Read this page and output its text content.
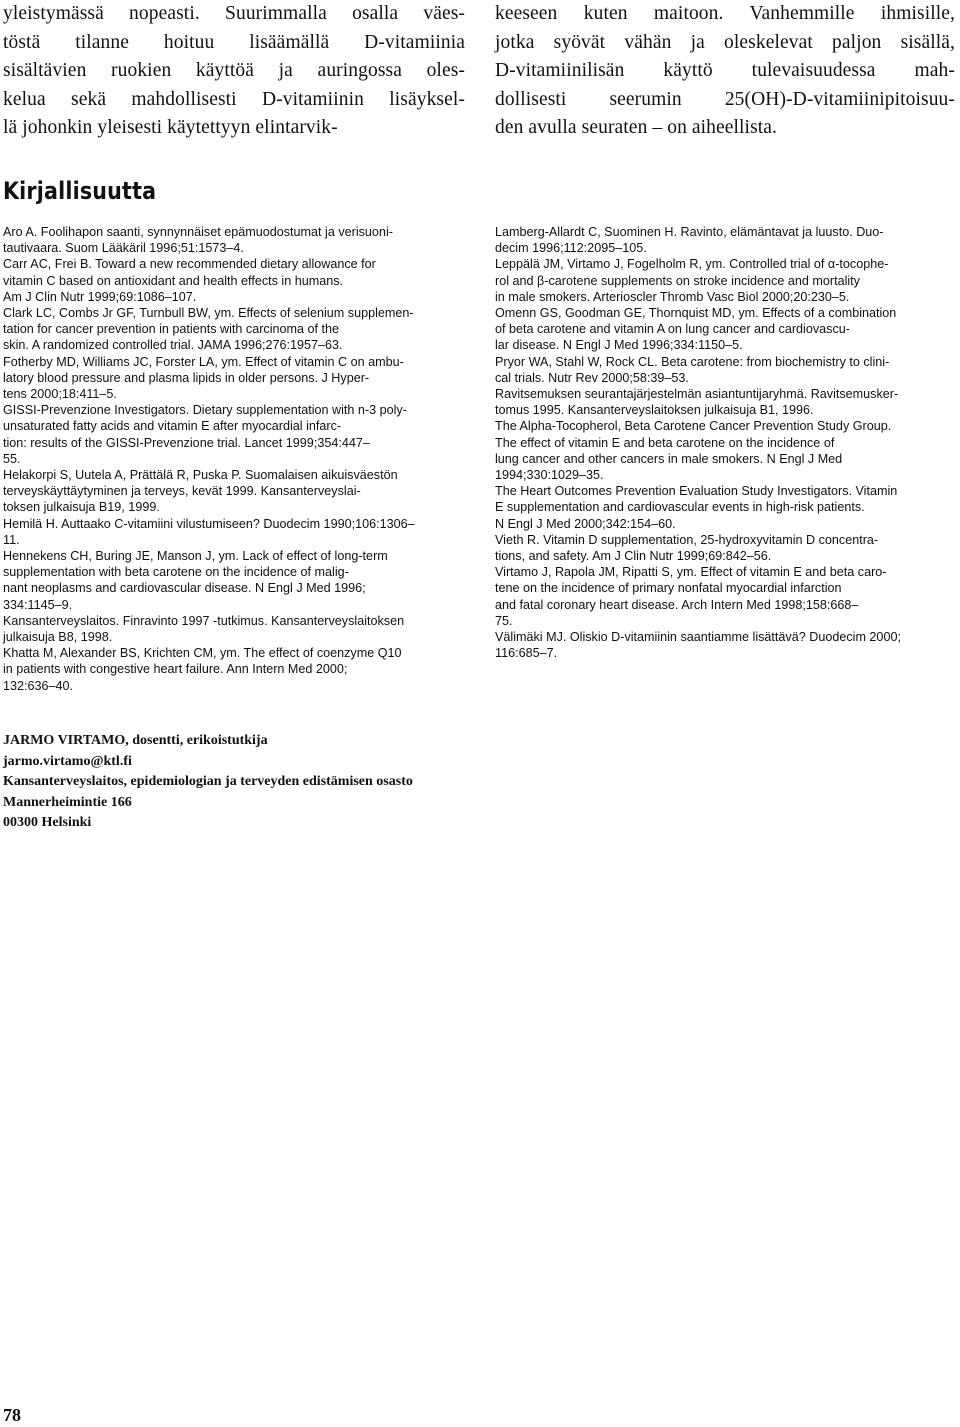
yleistymässä nopeasti. Suurimmalla osalla väes-
töstä tilanne hoituu lisäämällä D-vitamiinia
sisältävien ruokien käyttöä ja auringossa oles-
kelua sekä mahdollisesti D-vitamiinin lisäyksel-
lä johonkin yleisesti käytettyyn elintarvik-
keeseen kuten maitoon. Vanhemmille ihmisille,
jotka syövät vähän ja oleskelevat paljon sisällä,
D-vitamiinilisän käyttö tulevaisuudessa mah-
dollisesti seerumin 25(OH)-D-vitamiinipitoisuu-
den avulla seuraten – on aiheellista.
Kirjallisuutta
Aro A. Foolihapon saanti, synnynnäiset epämuodostumat ja verisuoni-
tautivaara. Suom Lääkäril 1996;51:1573–4.
Carr AC, Frei B. Toward a new recommended dietary allowance for
vitamin C based on antioxidant and health effects in humans.
Am J Clin Nutr 1999;69:1086–107.
Clark LC, Combs Jr GF, Turnbull BW, ym. Effects of selenium supplemen-
tation for cancer prevention in patients with carcinoma of the
skin. A randomized controlled trial. JAMA 1996;276:1957–63.
Fotherby MD, Williams JC, Forster LA, ym. Effect of vitamin C on ambu-
latory blood pressure and plasma lipids in older persons. J Hyper-
tens 2000;18:411–5.
GISSI-Prevenzione Investigators. Dietary supplementation with n-3 poly-
unsaturated fatty acids and vitamin E after myocardial infarc-
tion: results of the GISSI-Prevenzione trial. Lancet 1999;354:447–
55.
Helakorpi S, Uutela A, Prättälä R, Puska P. Suomalaisen aikuisväestön
terveyskäyttäytyminen ja terveys, kevät 1999. Kansanterveyslai-
toksen julkaisuja B19, 1999.
Hemilä H. Auttaako C-vitamiini vilustumiseen? Duodecim 1990;106:1306–
11.
Hennekens CH, Buring JE, Manson J, ym. Lack of effect of long-term
supplementation with beta carotene on the incidence of malig-
nant neoplasms and cardiovascular disease. N Engl J Med 1996;
334:1145–9.
Kansanterveyslaitos. Finravinto 1997 -tutkimus. Kansanterveyslaitoksen
julkaisuja B8, 1998.
Khatta M, Alexander BS, Krichten CM, ym. The effect of coenzyme Q10
in patients with congestive heart failure. Ann Intern Med 2000;
132:636–40.
Lamberg-Allardt C, Suominen H. Ravinto, elämäntavat ja luusto. Duo-
decim 1996;112:2095–105.
Leppälä JM, Virtamo J, Fogelholm R, ym. Controlled trial of α-tocophe-
rol and β-carotene supplements on stroke incidence and mortality
in male smokers. Arterioscler Thromb Vasc Biol 2000;20:230–5.
Omenn GS, Goodman GE, Thornquist MD, ym. Effects of a combination
of beta carotene and vitamin A on lung cancer and cardiovascu-
lar disease. N Engl J Med 1996;334:1150–5.
Pryor WA, Stahl W, Rock CL. Beta carotene: from biochemistry to clini-
cal trials. Nutr Rev 2000;58:39–53.
Ravitsemuksen seurantajärjestelmän asiantuntijaryhmä. Ravitsemusker-
tomus 1995. Kansanterveyslaitoksen julkaisuja B1, 1996.
The Alpha-Tocopherol, Beta Carotene Cancer Prevention Study Group.
The effect of vitamin E and beta carotene on the incidence of
lung cancer and other cancers in male smokers. N Engl J Med
1994;330:1029–35.
The Heart Outcomes Prevention Evaluation Study Investigators. Vitamin
E supplementation and cardiovascular events in high-risk patients.
N Engl J Med 2000;342:154–60.
Vieth R. Vitamin D supplementation, 25-hydroxyvitamin D concentra-
tions, and safety. Am J Clin Nutr 1999;69:842–56.
Virtamo J, Rapola JM, Ripatti S, ym. Effect of vitamin E and beta caro-
tene on the incidence of primary nonfatal myocardial infarction
and fatal coronary heart disease. Arch Intern Med 1998;158:668–
75.
Välimäki MJ. Oliskio D-vitamiinin saantiamme lisättävä? Duodecim 2000;
116:685–7.
JARMO VIRTAMO, dosentti, erikoistutkija
jarmo.virtamo@ktl.fi
Kansanterveyslaitos, epidemiologian ja terveyden edistämisen osasto
Mannerheimintie 166
00300 Helsinki
78
